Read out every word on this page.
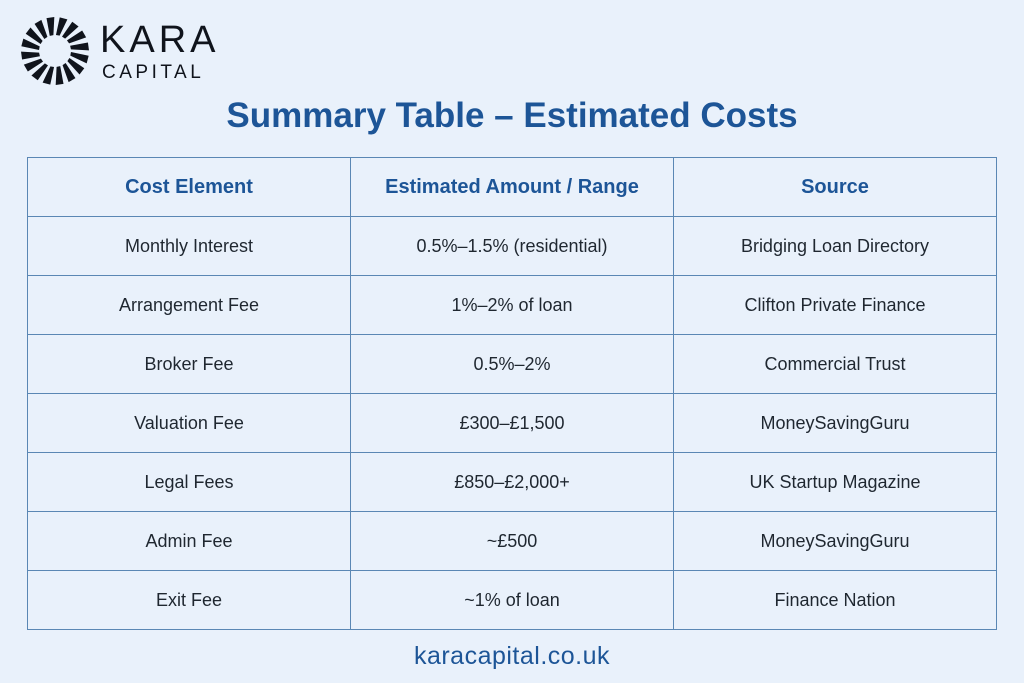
KARA
CAPITAL
Summary Table – Estimated Costs
Cost Element	Estimated Amount / Range	Source
Monthly Interest	0.5%–1.5% (residential)	Bridging Loan Directory
Arrangement Fee	1%–2% of loan	Clifton Private Finance
Broker Fee	0.5%–2%	Commercial Trust
Valuation Fee	£300–£1,500	MoneySavingGuru
Legal Fees	£850–£2,000+	UK Startup Magazine
Admin Fee	~£500	MoneySavingGuru
Exit Fee	~1% of loan	Finance Nation
karacapital.co.uk
